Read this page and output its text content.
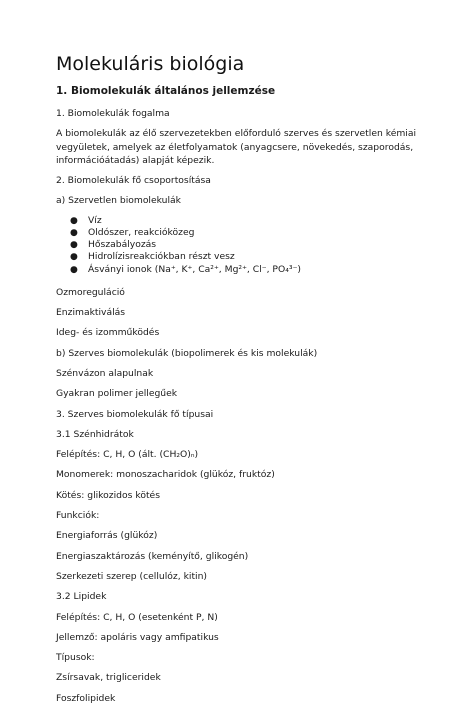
Molekuláris biológia
1. Biomolekulák általános jellemzése
1. Biomolekulák fogalma
A biomolekulák az élő szervezetekben előforduló szerves és szervetlen kémiai
vegyületek, amelyek az életfolyamatok (anyagcsere, növekedés, szaporodás,
információátadás) alapját képezik.
2. Biomolekulák fő csoportosítása
a) Szervetlen biomolekulák
● Víz
● Oldószer, reakcióközeg
● Hőszabályozás
● Hidrolízisreakciókban részt vesz
● Ásványi ionok (Na⁺, K⁺, Ca²⁺, Mg²⁺, Cl⁻, PO₄³⁻)
Ozmoreguláció
Enzimaktiválás
Ideg- és izomműködés
b) Szerves biomolekulák (biopolimerek és kis molekulák)
Szénvázon alapulnak
Gyakran polimer jellegűek
3. Szerves biomolekulák fő típusai
3.1 Szénhidrátok
Felépítés: C, H, O (ált. (CH₂O)ₙ)
Monomerek: monoszacharidok (glükóz, fruktóz)
Kötés: glikozidos kötés
Funkciók:
Energiaforrás (glükóz)
Energiaszaktározás (keményítő, glikogén)
Szerkezeti szerep (cellulóz, kitin)
3.2 Lipidek
Felépítés: C, H, O (esetenként P, N)
Jellemző: apoláris vagy amfipatikus
Típusok:
Zsírsavak, trigliceridek
Foszfolipidek
